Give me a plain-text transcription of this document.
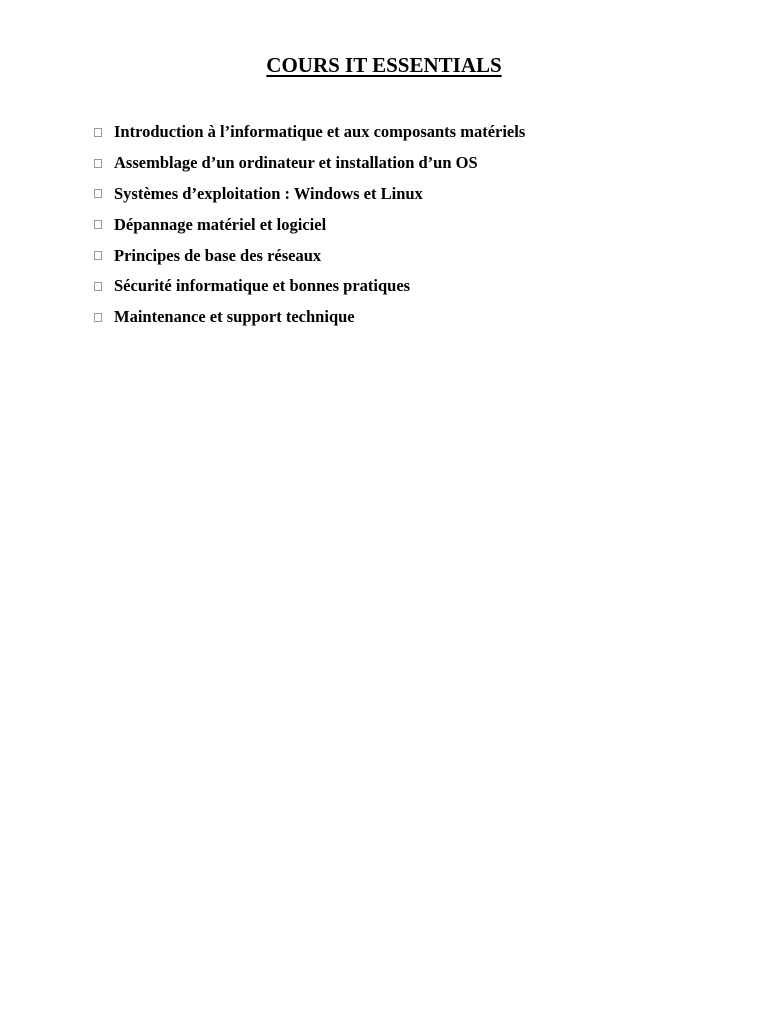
COURS IT ESSENTIALS
Introduction à l’informatique et aux composants matériels
Assemblage d’un ordinateur et installation d’un OS
Systèmes d’exploitation : Windows et Linux
Dépannage matériel et logiciel
Principes de base des réseaux
Sécurité informatique et bonnes pratiques
Maintenance et support technique
